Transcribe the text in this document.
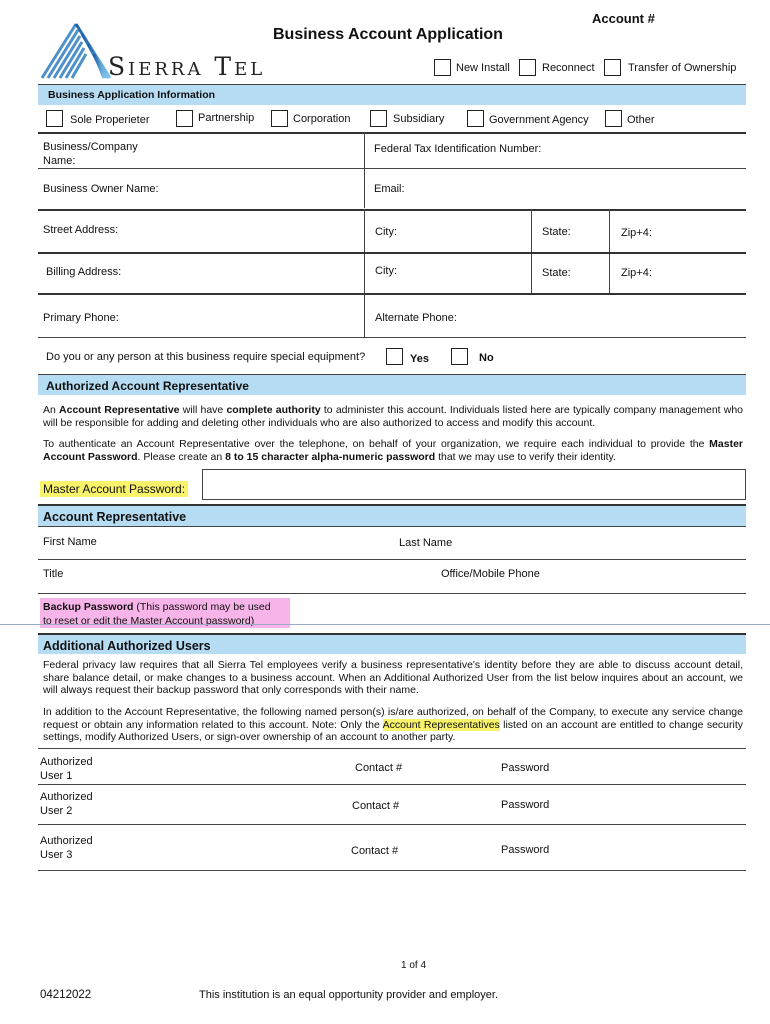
Sierra Tel
Account #
Business Account Application
New Install	Reconnect	Transfer of Ownership
Business Application Information
Sole Properieter	Partnership	Corporation	Subsidiary	Government Agency	Other
Business/Company Name:
Federal Tax Identification Number:
Business Owner Name:	Email:
Street Address:	City:	State:	Zip+4:
Billing Address:	City:	State:	Zip+4:
Primary Phone:	Alternate Phone:
Do you or any person at this business require special equipment?	Yes	No
Authorized Account Representative
An Account Representative will have complete authority to administer this account. Individuals listed here are typically company management who will be responsible for adding and deleting other individuals who are also authorized to access and modify this account.
To authenticate an Account Representative over the telephone, on behalf of your organization, we require each individual to provide the Master Account Password. Please create an 8 to 15 character alpha-numeric password that we may use to verify their identity.
Master Account Password:
Account Representative
First Name	Last Name
Title	Office/Mobile Phone
Backup Password (This password may be used
to reset or edit the Master Account password)
Additional Authorized Users
Federal privacy law requires that all Sierra Tel employees verify a business representative's identity before they are able to discuss account detail, share balance detail, or make changes to a business account. When an Additional Authorized User from the list below inquires about an account, we will always request their backup password that only corresponds with their name.
In addition to the Account Representative, the following named person(s) is/are authorized, on behalf of the Company, to execute any service change request or obtain any information related to this account. Note: Only the Account Representatives listed on an account are entitled to change security settings, modify Authorized Users, or sign-over ownership of an account to another party.
Authorized
User 1
Contact #	Password
Authorized
User 2	Contact #	Password
Authorized
User 3	Contact #	Password
1 of 4
04212022	This institution is an equal opportunity provider and employer.
